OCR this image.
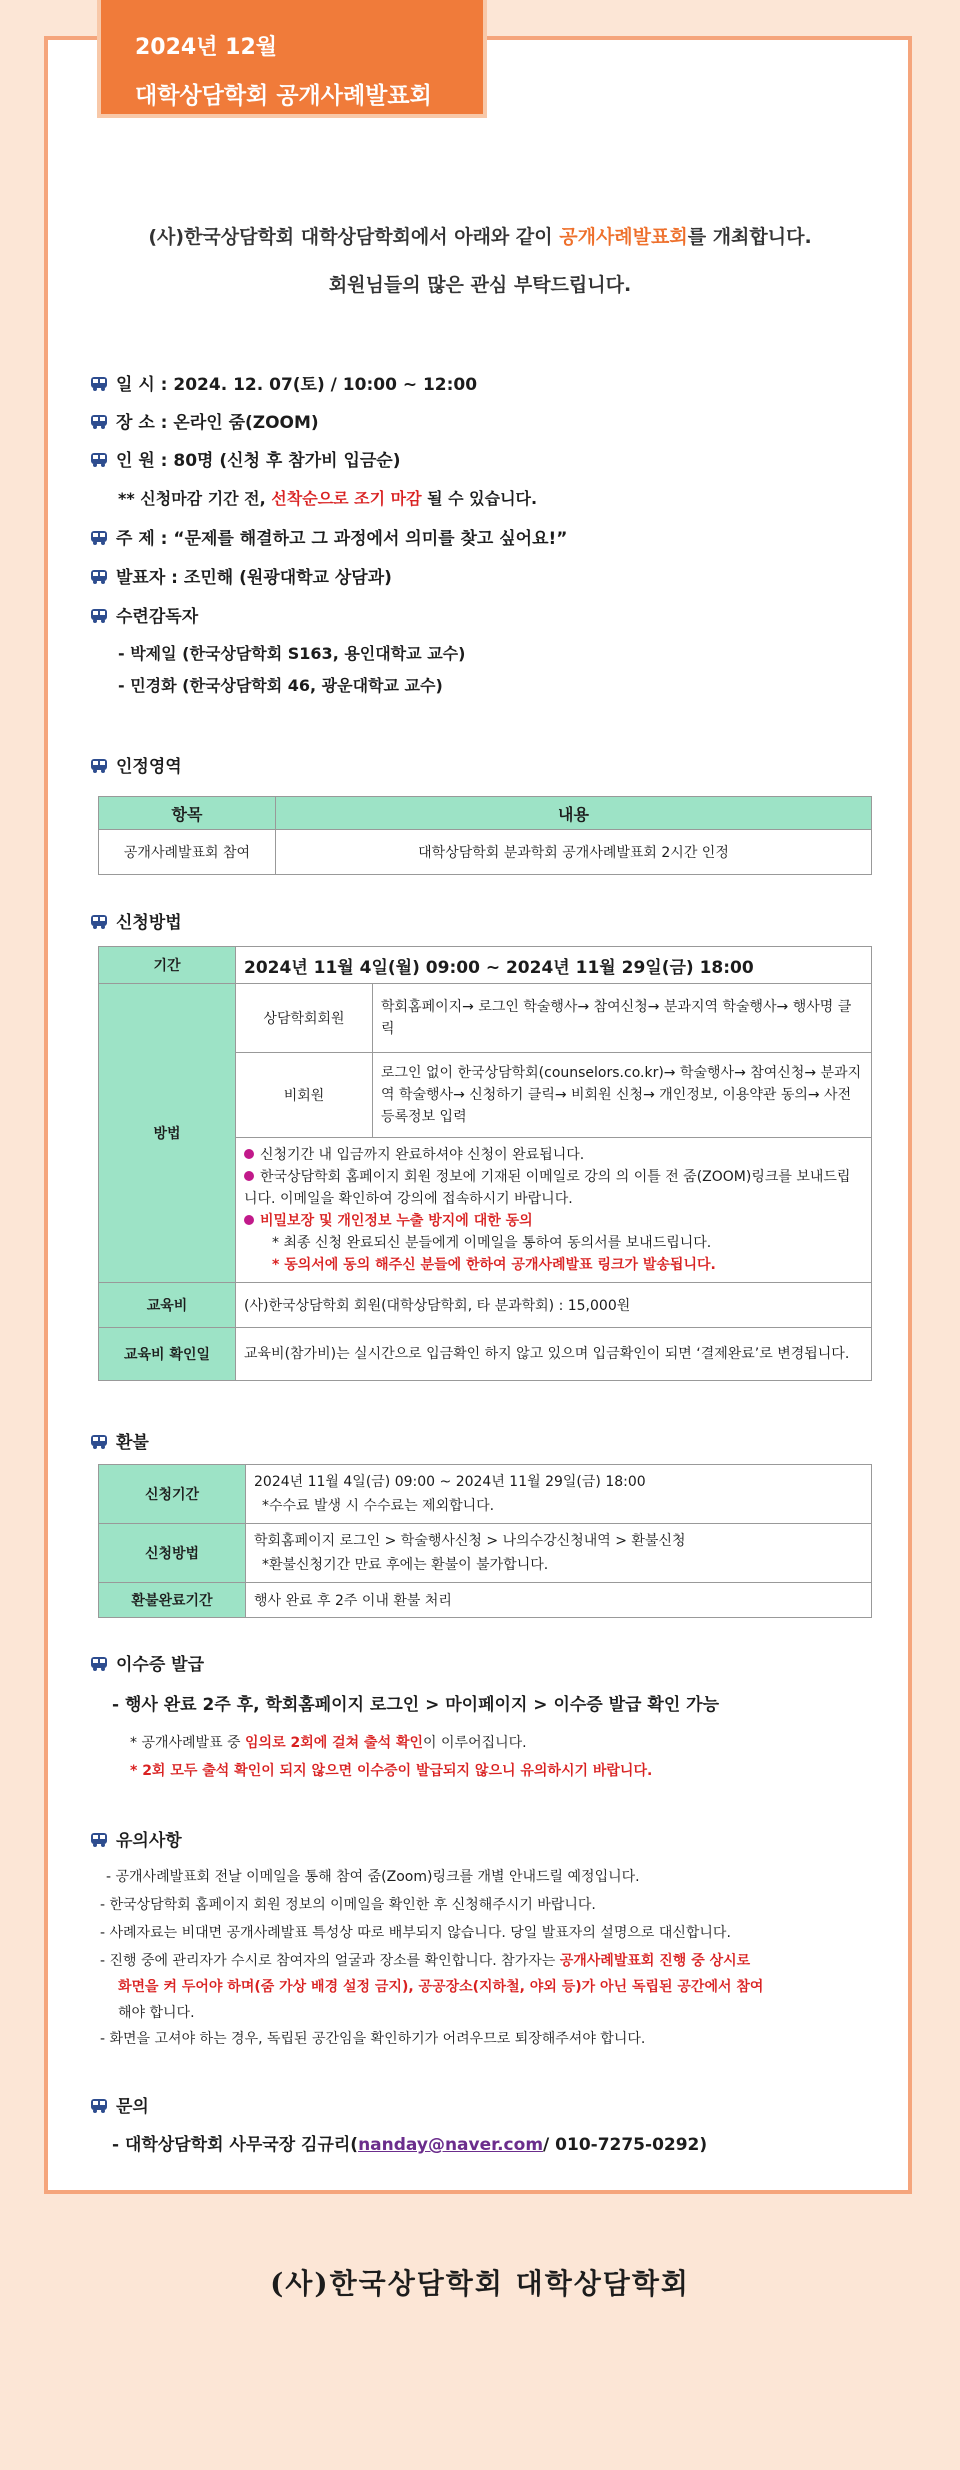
2024년 12월
대학상담학회 공개사례발표회
(사)한국상담학회 대학상담학회에서 아래와 같이 공개사례발표회를 개최합니다.
회원님들의 많은 관심 부탁드립니다.
일 시 : 2024. 12. 07(토) / 10:00 ~ 12:00
장 소 : 온라인 줌(ZOOM)
인 원 : 80명 (신청 후 참가비 입금순)
** 신청마감 기간 전, 선착순으로 조기 마감 될 수 있습니다.
주 제 : “문제를 해결하고 그 과정에서 의미를 찾고 싶어요!”
발표자 : 조민해 (원광대학교 상담과)
수련감독자
- 박제일 (한국상담학회 S163, 용인대학교 교수)
- 민경화 (한국상담학회 46, 광운대학교 교수)
인정영역
항목	내용
공개사례발표회 참여	대학상담학회 분과학회 공개사례발표회 2시간 인정
신청방법
기간	2024년 11월 4일(월) 09:00 ~ 2024년 11월 29일(금) 18:00	
방법	상담학회회원	학회홈페이지→ 로그인 학술행사→ 참여신청→ 분과지역 학술행사→ 행사명 클릭
	비회원	로그인 없이 한국상담학회(counselors.co.kr)→ 학술행사→ 참여신청→ 분과지역 학술행사→ 신청하기 클릭→ 비회원 신청→ 개인정보, 이용약관 동의→ 사전등록정보 입력

	신청기간 내 입금까지 완료하셔야 신청이 완료됩니다.
한국상담학회 홈페이지 회원 정보에 기재된 이메일로 강의 의 이틀 전 줌(ZOOM)링크를 보내드립니다. 이메일을 확인하여 강의에 접속하시기 바랍니다.
비밀보장 및 개인정보 누출 방지에 대한 동의
* 최종 신청 완료되신 분들에게 이메일을 통하여 동의서를 보내드립니다.
* 동의서에 동의 해주신 분들에 한하여 공개사례발표 링크가 발송됩니다.	

교육비	(사)한국상담학회 회원(대학상담학회, 타 분과학회) : 15,000원	
교육비 확인일	교육비(참가비)는 실시간으로 입금확인 하지 않고 있으며 입금확인이 되면 ‘결제완료’로 변경됩니다.	
환불
신청기간	2024년 11월 4일(금) 09:00 ~ 2024년 11월 29일(금) 18:00
*수수료 발생 시 수수료는 제외합니다.

신청방법	학회홈페이지 로그인 > 학술행사신청 > 나의수강신청내역 > 환불신청
*환불신청기간 만료 후에는 환불이 불가합니다.

환불완료기간	행사 완료 후 2주 이내 환불 처리
이수증 발급
- 행사 완료 2주 후, 학회홈페이지 로그인 > 마이페이지 > 이수증 발급 확인 가능
* 공개사례발표 중 임의로 2회에 걸쳐 출석 확인이 이루어집니다.
* 2회 모두 출석 확인이 되지 않으면 이수증이 발급되지 않으니 유의하시기 바랍니다.
유의사항
- 공개사례발표회 전날 이메일을 통해 참여 줌(Zoom)링크를 개별 안내드릴 예정입니다.
- 한국상담학회 홈페이지 회원 정보의 이메일을 확인한 후 신청해주시기 바랍니다.
- 사례자료는 비대면 공개사례발표 특성상 따로 배부되지 않습니다. 당일 발표자의 설명으로 대신합니다.
- 진행 중에 관리자가 수시로 참여자의 얼굴과 장소를 확인합니다. 참가자는 공개사례발표회 진행 중 상시로
화면을 켜 두어야 하며(줌 가상 배경 설정 금지), 공공장소(지하철, 야외 등)가 아닌 독립된 공간에서 참여
해야 합니다.
- 화면을 고셔야 하는 경우, 독립된 공간임을 확인하기가 어려우므로 퇴장해주셔야 합니다.
문의
- 대학상담학회 사무국장 김규리(nanday@naver.com/ 010-7275-0292)
(사)한국상담학회 대학상담학회
